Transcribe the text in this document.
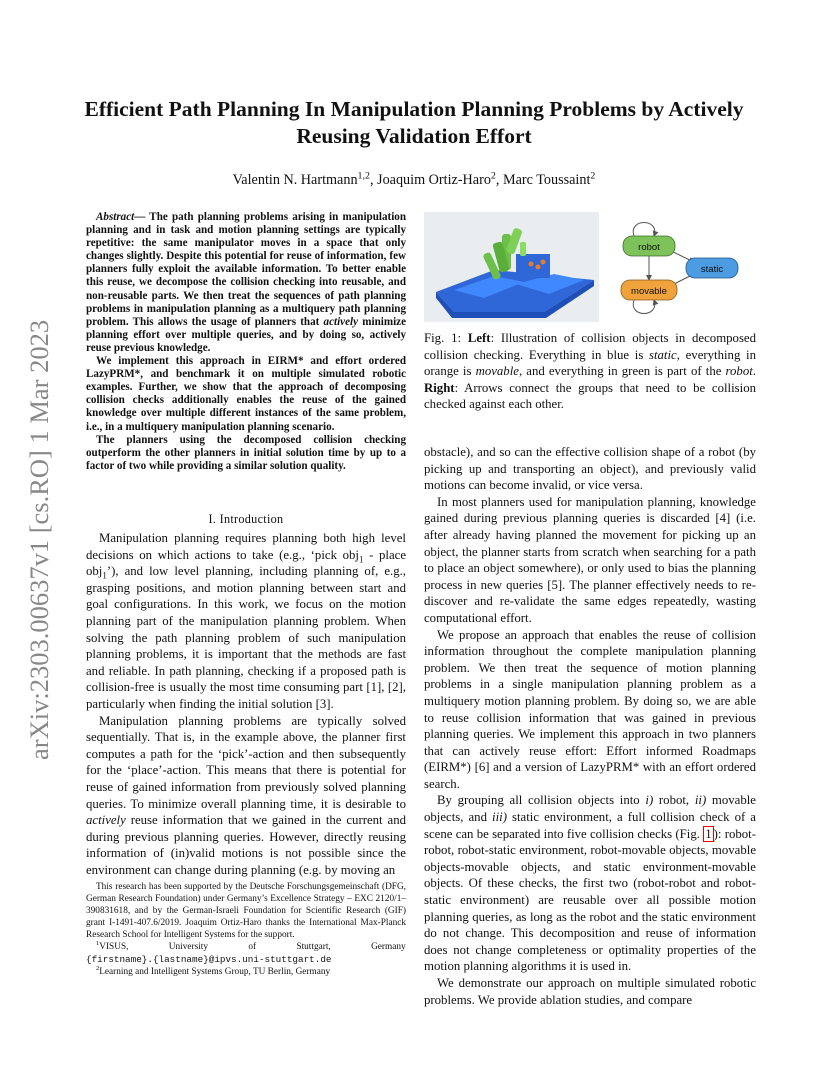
arXiv:2303.00637v1 [cs.RO] 1 Mar 2023
Efficient Path Planning In Manipulation Planning Problems by Actively Reusing Validation Effort
Valentin N. Hartmann$^{1,2}$, Joaquim Ortiz-Haro$^2$, Marc Toussaint$^2$

Abstract— The path planning problems arising in manipulation planning and in task and motion planning settings are typically repetitive: the same manipulator moves in a space that only changes slightly. Despite this potential for reuse of information, few planners fully exploit the available information. To better enable this reuse, we decompose the collision checking into reusable, and non-reusable parts. We then treat the sequences of path planning problems in manipulation planning as a multiquery path planning problem. This allows the usage of planners that actively minimize planning effort over multiple queries, and by doing so, actively reuse previous knowledge.

We implement this approach in EIRM* and effort ordered LazyPRM*, and benchmark it on multiple simulated robotic examples. Further, we show that the approach of decomposing collision checks additionally enables the reuse of the gained knowledge over multiple different instances of the same problem, i.e., in a multiquery manipulation planning scenario.

The planners using the decomposed collision checking outperform the other planners in initial solution time by up to a factor of two while providing a similar solution quality.

I. Introduction

Manipulation planning requires planning both high level decisions on which actions to take (e.g., ‘pick obj$_1$ - place obj$_1$’), and low level planning, including planning of, e.g., grasping positions, and motion planning between start and goal configurations. In this work, we focus on the motion planning part of the manipulation planning problem. When solving the path planning problem of such manipulation planning problems, it is important that the methods are fast and reliable. In path planning, checking if a proposed path is collision-free is usually the most time consuming part [1], [2], particularly when finding the initial solution [3].

Manipulation planning problems are typically solved sequentially. That is, in the example above, the planner first computes a path for the ‘pick’-action and then subsequently for the ‘place’-action. This means that there is potential for reuse of gained information from previously solved planning queries. To minimize overall planning time, it is desirable to actively reuse information that we gained in the current and during previous planning queries. However, directly reusing information of (in)valid motions is not possible since the environment can change during planning (e.g. by moving an

This research has been supported by the Deutsche Forschungsgemeinschaft (DFG, German Research Foundation) under Germany’s Excellence Strategy – EXC 2120/1–390831618, and by the German-Israeli Foundation for Scientific Research (GIF) grant I-1491-407.6/2019. Joaquim Ortiz-Haro thanks the International Max-Planck Research School for Intelligent Systems for the support.

$^1$VISUS, University of Stuttgart, Germany
{firstname}.{lastname}@ipvs.uni-stuttgart.de

$^2$Learning and Intelligent Systems Group, TU Berlin, Germany

robot
static
movable
Fig. 1: Left: Illustration of collision objects in decomposed collision checking. Everything in blue is static, everything in orange is movable, and everything in green is part of the robot. Right: Arrows connect the groups that need to be collision checked against each other.

obstacle), and so can the effective collision shape of a robot (by picking up and transporting an object), and previously valid motions can become invalid, or vice versa.

In most planners used for manipulation planning, knowledge gained during previous planning queries is discarded [4] (i.e. after already having planned the movement for picking up an object, the planner starts from scratch when searching for a path to place an object somewhere), or only used to bias the planning process in new queries [5]. The planner effectively needs to re-discover and re-validate the same edges repeatedly, wasting computational effort.

We propose an approach that enables the reuse of collision information throughout the complete manipulation planning problem. We then treat the sequence of motion planning problems in a single manipulation planning problem as a multiquery motion planning problem. By doing so, we are able to reuse collision information that was gained in previous planning queries. We implement this approach in two planners that can actively reuse effort: Effort informed Roadmaps (EIRM*) [6] and a version of LazyPRM* with an effort ordered search.

By grouping all collision objects into i) robot, ii) movable objects, and iii) static environment, a full collision check of a scene can be separated into five collision checks (Fig. 1 ): robot-robot, robot-static environment, robot-movable objects, movable objects-movable objects, and static environment-movable objects. Of these checks, the first two (robot-robot and robot-static environment) are reusable over all possible motion planning queries, as long as the robot and the static environment do not change. This decomposition and reuse of information does not change completeness or optimality properties of the motion planning algorithms it is used in.

We demonstrate our approach on multiple simulated robotic problems. We provide ablation studies, and compare
